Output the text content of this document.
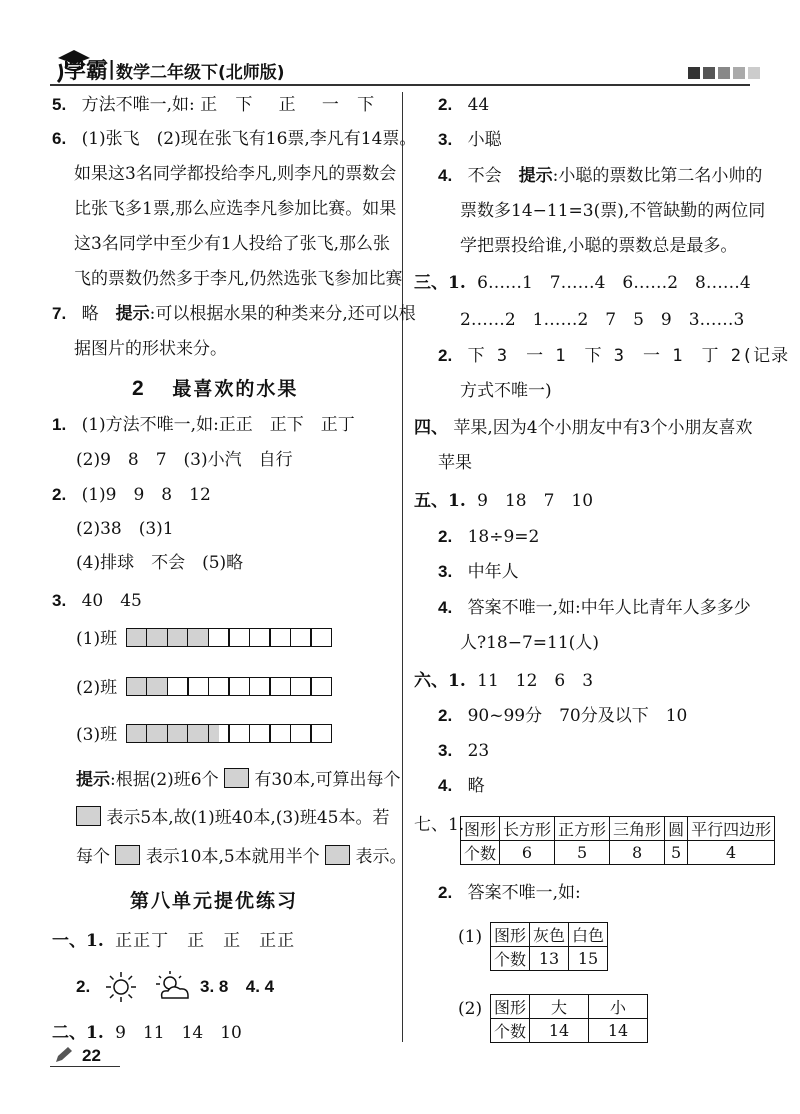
学霸 | 数学二年级下(北师版)
5. 方法不唯一,如: 正 下 正 一 下
6. (1)张飞　(2)现在张飞有16票,李凡有14票。
如果这3名同学都投给李凡,则李凡的票数会
比张飞多1票,那么应选李凡参加比赛。如果
这3名同学中至少有1人投给了张飞,那么张
飞的票数仍然多于李凡,仍然选张飞参加比赛
7. 略　提示:可以根据水果的种类来分,还可以根
据图片的形状来分。
2 最喜欢的水果
1. (1)方法不唯一,如:正正　正下　正丁
(2)9　8　7　(3)小汽　自行
2. (1)9　9　8　12
(2)38　(3)1
(4)排球　不会　(5)略
3. 40　45
(1)班
(2)班
(3)班
提示:根据(2)班6个 有30本,可算出每个
表示5本,故(1)班40本,(3)班45本。若
每个 表示10本,5本就用半个 表示。
第八单元提优练习
一、1. 正正丁　正　正　正正
2.	3. 8 4. 4
二、1. 9　11　14　10
22
2. 44
3. 小聪
4. 不会　提示:小聪的票数比第二名小帅的
票数多14−11=3(票),不管缺勤的两位同
学把票投给谁,小聪的票数总是最多。
三、1. 6……1　7……4　6……2　8……4
2……2　1……2　7　5　9　3……3
2. 下 3　一 1　下 3　一 1　丁 2(记录
方式不唯一)
四、 苹果,因为4个小朋友中有3个小朋友喜欢
苹果
五、1. 9　18　7　10
2. 18÷9=2
3. 中年人
4. 答案不唯一,如:中年人比青年人多多少
人?18−7=11(人)
六、1. 11　12　6　3
2. 90~99分　70分及以下　10
3. 23
4. 略
七、1. 图形	长方形	正方形	三角形	圆	平行四边形
个数	6	5	8	5	4
2. 答案不唯一,如:
(1) 图形	灰色	白色
个数	13	15
(2) 图形	大	小
个数	14	14
